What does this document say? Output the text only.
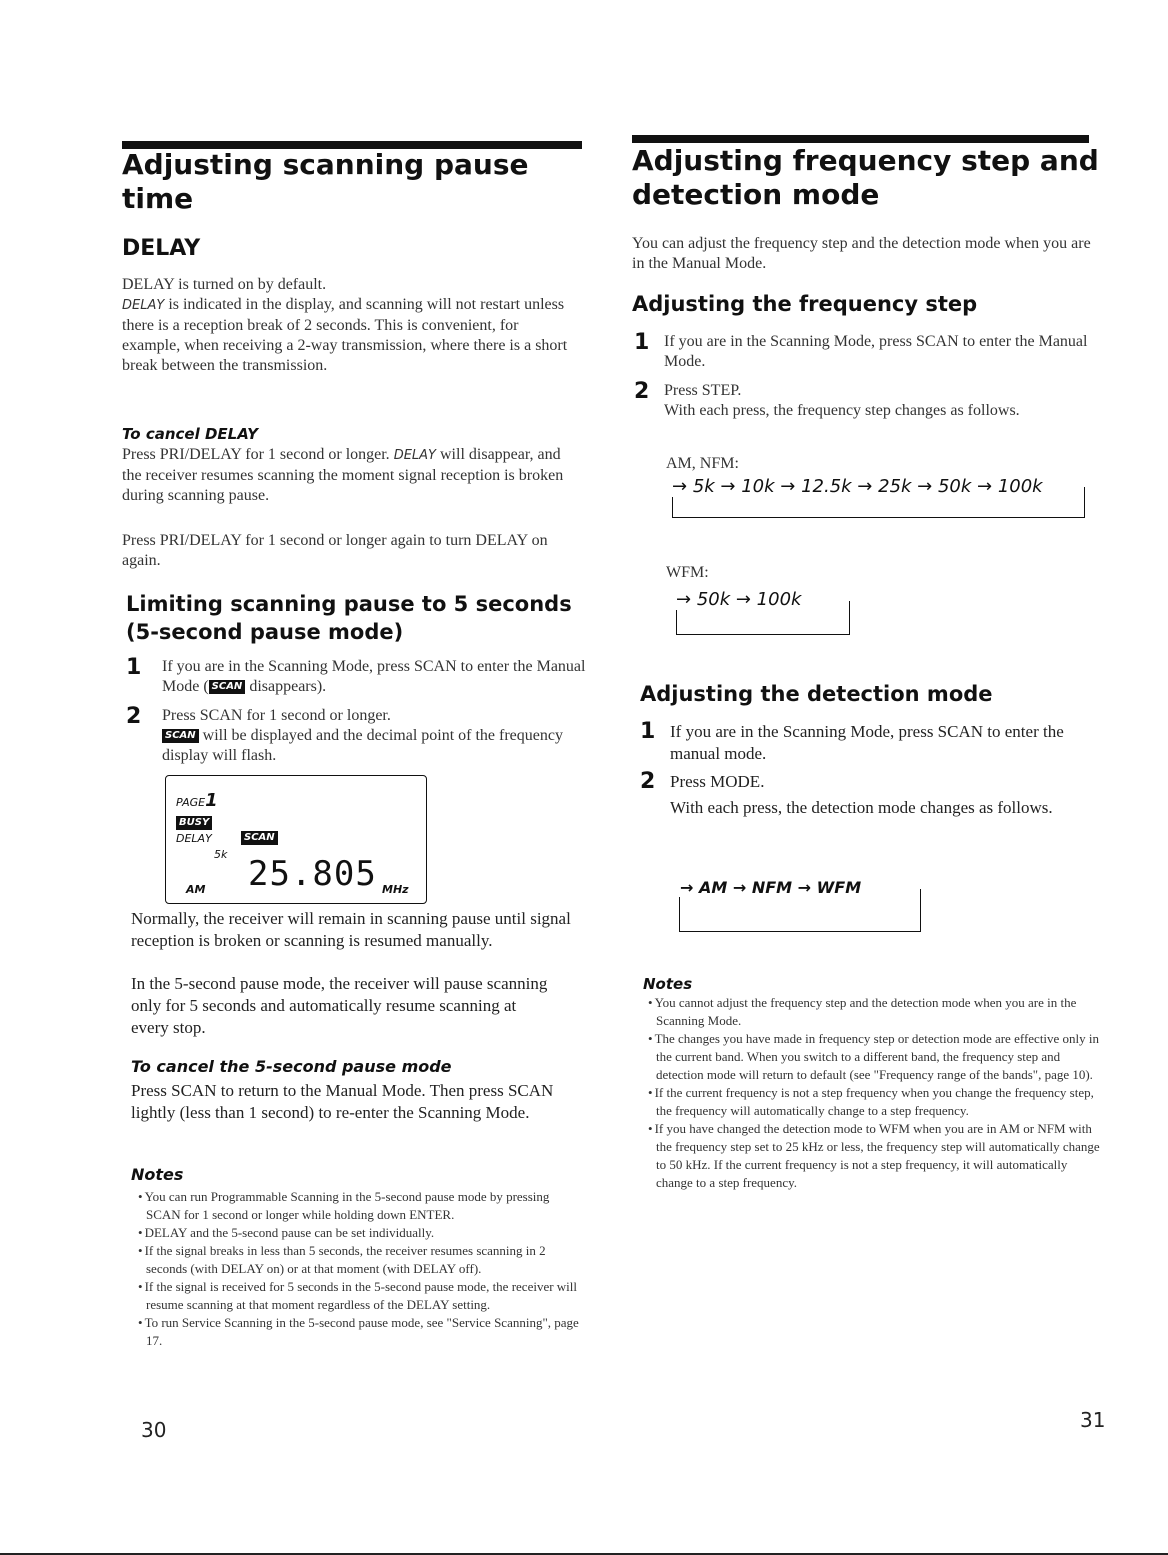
Adjusting scanning pause time
DELAY

DELAY is turned on by default.
DELAY is indicated in the display, and scanning will not restart unless there is a reception break of 2 seconds. This is convenient, for example, when receiving a 2-way transmission, where there is a short break between the transmission.

To cancel DELAY

Press PRI/DELAY for 1 second or longer. DELAY will disappear, and the receiver resumes scanning the moment signal reception is broken during scanning pause.

Press PRI/DELAY for 1 second or longer again to turn DELAY on again.

Limiting scanning pause to 5 seconds (5-second pause mode)
1	If you are in the Scanning Mode, press SCAN to enter the Manual Mode ( SCAN disappears).
2	Press SCAN for 1 second or longer.
SCAN will be displayed and the decimal point of the frequency display will flash.
PAGE1
BUSY
DELAY	SCAN
5k
AM 25.805 MHz

Normally, the receiver will remain in scanning pause until signal reception is broken or scanning is resumed manually.

In the 5-second pause mode, the receiver will pause scanning only for 5 seconds and automatically resume scanning at every stop.

To cancel the 5-second pause mode

Press SCAN to return to the Manual Mode. Then press SCAN lightly (less than 1 second) to re-enter the Scanning Mode.

Notes

• You can run Programmable Scanning in the 5-second pause mode by pressing SCAN for 1 second or longer while holding down ENTER.
• DELAY and the 5-second pause can be set individually.
• If the signal breaks in less than 5 seconds, the receiver resumes scanning in 2 seconds (with DELAY on) or at that moment (with DELAY off).
• If the signal is received for 5 seconds in the 5-second pause mode, the receiver will resume scanning at that moment regardless of the DELAY setting.
• To run Service Scanning in the 5-second pause mode, see "Service Scanning", page 17.
30
Adjusting frequency step and detection mode

You can adjust the frequency step and the detection mode when you are in the Manual Mode.

Adjusting the frequency step
1 If you are in the Scanning Mode, press SCAN to enter the Manual Mode.
2 Press STEP.
With each press, the frequency step changes as follows.
AM, NFM:
→ 5k → 10k → 12.5k → 25k → 50k → 100k
WFM:
→ 50k → 100k
Adjusting the detection mode
1 If you are in the Scanning Mode, press SCAN to enter the manual mode.
2 Press MODE.
With each press, the detection mode changes as follows.
→ AM → NFM → WFM

Notes

• You cannot adjust the frequency step and the detection mode when you are in the Scanning Mode.
• The changes you have made in frequency step or detection mode are effective only in the current band. When you switch to a different band, the frequency step and detection mode will return to default (see "Frequency range of the bands", page 10).
• If the current frequency is not a step frequency when you change the frequency step, the frequency will automatically change to a step frequency.
• If you have changed the detection mode to WFM when you are in AM or NFM with the frequency step set to 25 kHz or less, the frequency step will automatically change to 50 kHz. If the current frequency is not a step frequency, it will automatically change to a step frequency.
31
